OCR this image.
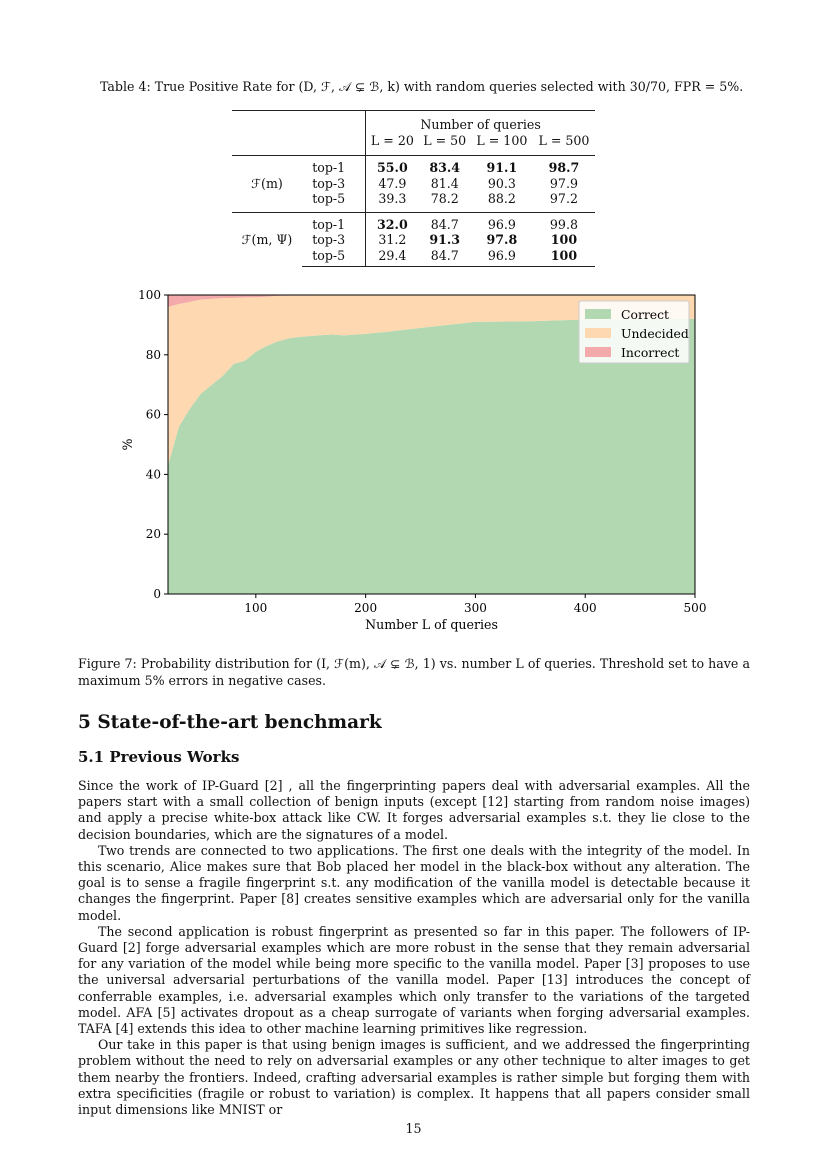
Table 4: True Positive Rate for (D, ℱ, 𝒜 ⊊ ℬ, k) with random queries selected with 30/70, FPR = 5%.
			Number of queries			
			L = 20	L = 50	L = 100	L = 500
ℱ(m)	top-1		55.0	83.4	91.1	98.7
	top-3		47.9	81.4	90.3	97.9
	top-5		39.3	78.2	88.2	97.2
ℱ(m, Ψ)	top-1		32.0	84.7	96.9	99.8
	top-3		31.2	91.3	97.8	100
	top-5		29.4	84.7	96.9	100
0
20
40
60
80
100
100	200	300	400	500
Number L of queries
%
Correct
Undecided
Incorrect
Figure 7: Probability distribution for (I, ℱ(m), 𝒜 ⊊ ℬ, 1) vs. number L of queries. Threshold set to have a maximum 5% errors in negative cases.
5 State-of-the-art benchmark
5.1 Previous Works

Since the work of IP-Guard [2] , all the fingerprinting papers deal with adversarial examples. All the papers start with a small collection of benign inputs (except [12] starting from random noise images) and apply a precise white-box attack like CW. It forges adversarial examples s.t. they lie close to the decision boundaries, which are the signatures of a model.

Two trends are connected to two applications. The first one deals with the integrity of the model. In this scenario, Alice makes sure that Bob placed her model in the black-box without any alteration. The goal is to sense a fragile fingerprint s.t. any modification of the vanilla model is detectable because it changes the fingerprint. Paper [8] creates sensitive examples which are adversarial only for the vanilla model.

The second application is robust fingerprint as presented so far in this paper. The followers of IP-Guard [2] forge adversarial examples which are more robust in the sense that they remain adversarial for any variation of the model while being more specific to the vanilla model. Paper [3] proposes to use the universal adversarial perturbations of the vanilla model. Paper [13] introduces the concept of conferrable examples, i.e. adversarial examples which only transfer to the variations of the targeted model. AFA [5] activates dropout as a cheap surrogate of variants when forging adversarial examples. TAFA [4] extends this idea to other machine learning primitives like regression.

Our take in this paper is that using benign images is sufficient, and we addressed the fingerprinting problem without the need to rely on adversarial examples or any other technique to alter images to get them nearby the frontiers. Indeed, crafting adversarial examples is rather simple but forging them with extra specificities (fragile or robust to variation) is complex. It happens that all papers consider small input dimensions like MNIST or

15
